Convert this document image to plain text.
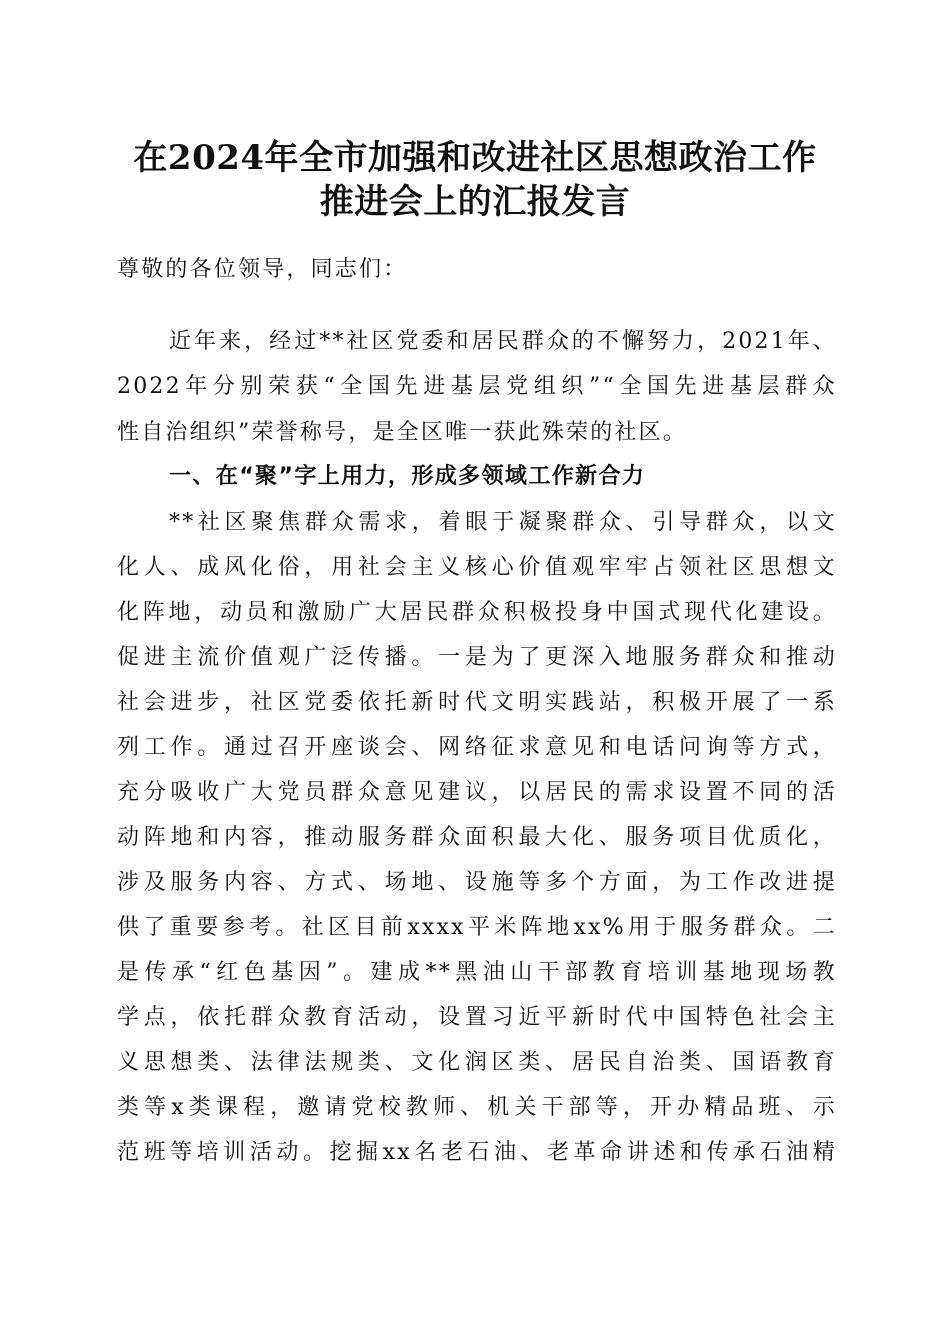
在2024年全市加强和改进社区思想政治工作
推进会上的汇报发言
尊敬的各位领导，同志们：
近年来，经过**社区党委和居民群众的不懈努力，2021年、
2022年分别荣获“全国先进基层党组织”“全国先进基层群众
性自治组织”荣誉称号，是全区唯一获此殊荣的社区。
一、在“聚”字上用力，形成多领域工作新合力
**社区聚焦群众需求，着眼于凝聚群众、引导群众，以文
化人、成风化俗，用社会主义核心价值观牢牢占领社区思想文
化阵地，动员和激励广大居民群众积极投身中国式现代化建设。
促进主流价值观广泛传播。一是为了更深入地服务群众和推动
社会进步，社区党委依托新时代文明实践站，积极开展了一系
列工作。通过召开座谈会、网络征求意见和电话问询等方式，
充分吸收广大党员群众意见建议，以居民的需求设置不同的活
动阵地和内容，推动服务群众面积最大化、服务项目优质化，
涉及服务内容、方式、场地、设施等多个方面，为工作改进提
供了重要参考。社区目前xxxx平米阵地xx%用于服务群众。二
是传承“红色基因”。建成**黑油山干部教育培训基地现场教
学点，依托群众教育活动，设置习近平新时代中国特色社会主
义思想类、法律法规类、文化润区类、居民自治类、国语教育
类等x类课程，邀请党校教师、机关干部等，开办精品班、示
范班等培训活动。挖掘xx名老石油、老革命讲述和传承石油精
